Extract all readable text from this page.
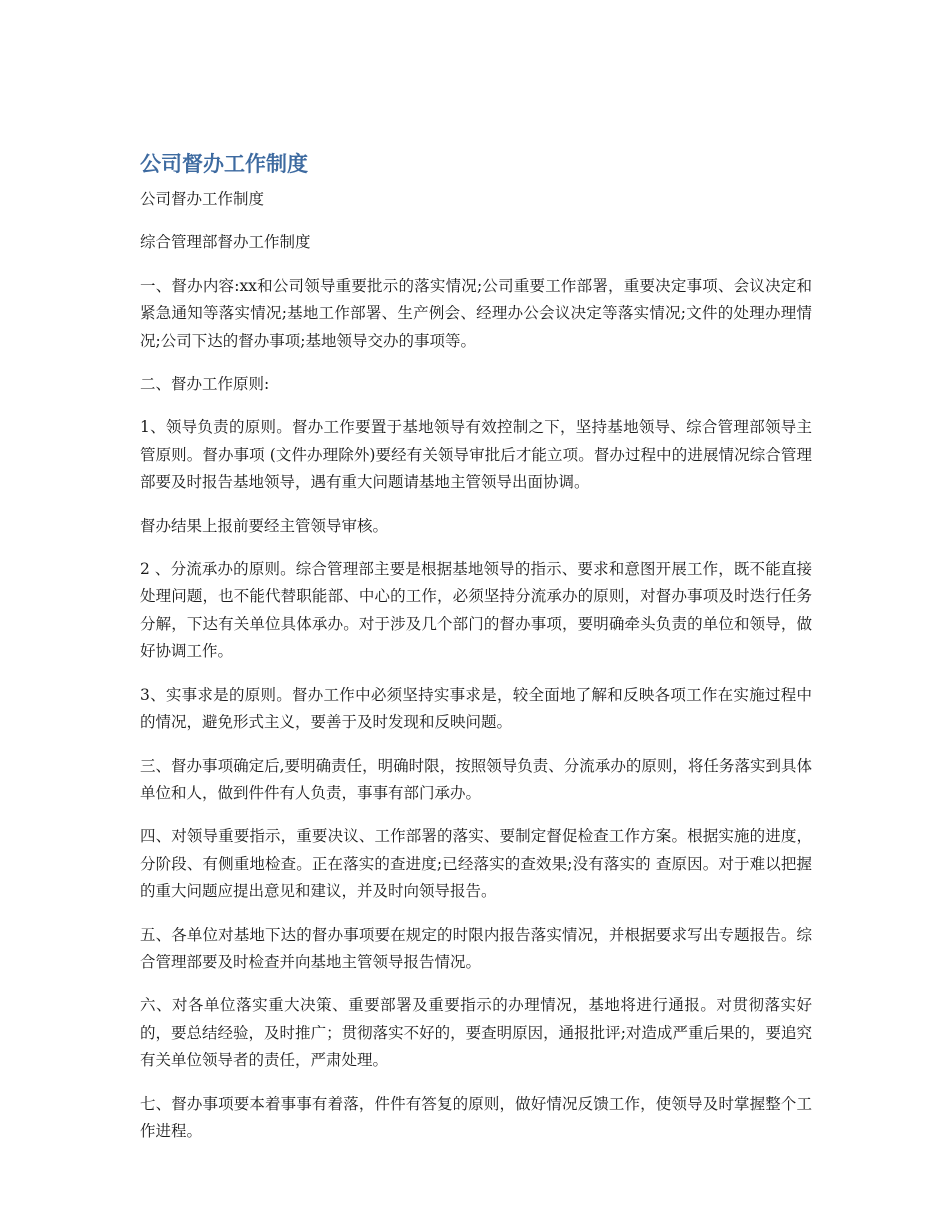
公司督办工作制度

公司督办工作制度

综合管理部督办工作制度

一、督办内容:xx和公司领导重要批示的落实情况;公司重要工作部署，重要决定事项、会议决定和紧急通知等落实情况;基地工作部署、生产例会、经理办公会议决定等落实情况;文件的处理办理情况;公司下达的督办事项;基地领导交办的事项等。

二、督办工作原则:

1、领导负责的原则。督办工作要置于基地领导有效控制之下，坚持基地领导、综合管理部领导主管原则。督办事项 (文件办理除外)要经有关领导审批后才能立项。督办过程中的进展情况综合管理部要及时报告基地领导，遇有重大问题请基地主管领导出面协调。

督办结果上报前要经主管领导审核。

2 、分流承办的原则。综合管理部主要是根据基地领导的指示、要求和意图开展工作，既不能直接处理问题，也不能代替职能部、中心的工作，必须坚持分流承办的原则，对督办事项及时迭行任务分解，下达有关单位具体承办。对于涉及几个部门的督办事项，要明确牵头负责的单位和领导，做好协调工作。

3、实事求是的原则。督办工作中必须坚持实事求是，较全面地了解和反映各项工作在实施过程中的情况，避免形式主义，要善于及时发现和反映问题。

三、督办事项确定后,要明确责任，明确时限，按照领导负责、分流承办的原则，将任务落实到具体单位和人，做到件件有人负责，事事有部门承办。

四、对领导重要指示，重要决议、工作部署的落实、要制定督促检查工作方案。根据实施的进度，分阶段、有侧重地检查。正在落实的查进度;已经落实的查效果;没有落实的 查原因。对于难以把握的重大问题应提出意见和建议，并及时向领导报告。

五、各单位对基地下达的督办事项要在规定的时限内报告落实情况，并根据要求写出专题报告。综合管理部要及时检查并向基地主管领导报告情况。

六、对各单位落实重大决策、重要部署及重要指示的办理情况，基地将进行通报。对贯彻落实好的，要总结经验，及时推广；贯彻落实不好的，要查明原因，通报批评;对造成严重后果的，要追究有关单位领导者的责任，严肃处理。

七、督办事项要本着事事有着落，件件有答复的原则，做好情况反馈工作，使领导及时掌握整个工作进程。
